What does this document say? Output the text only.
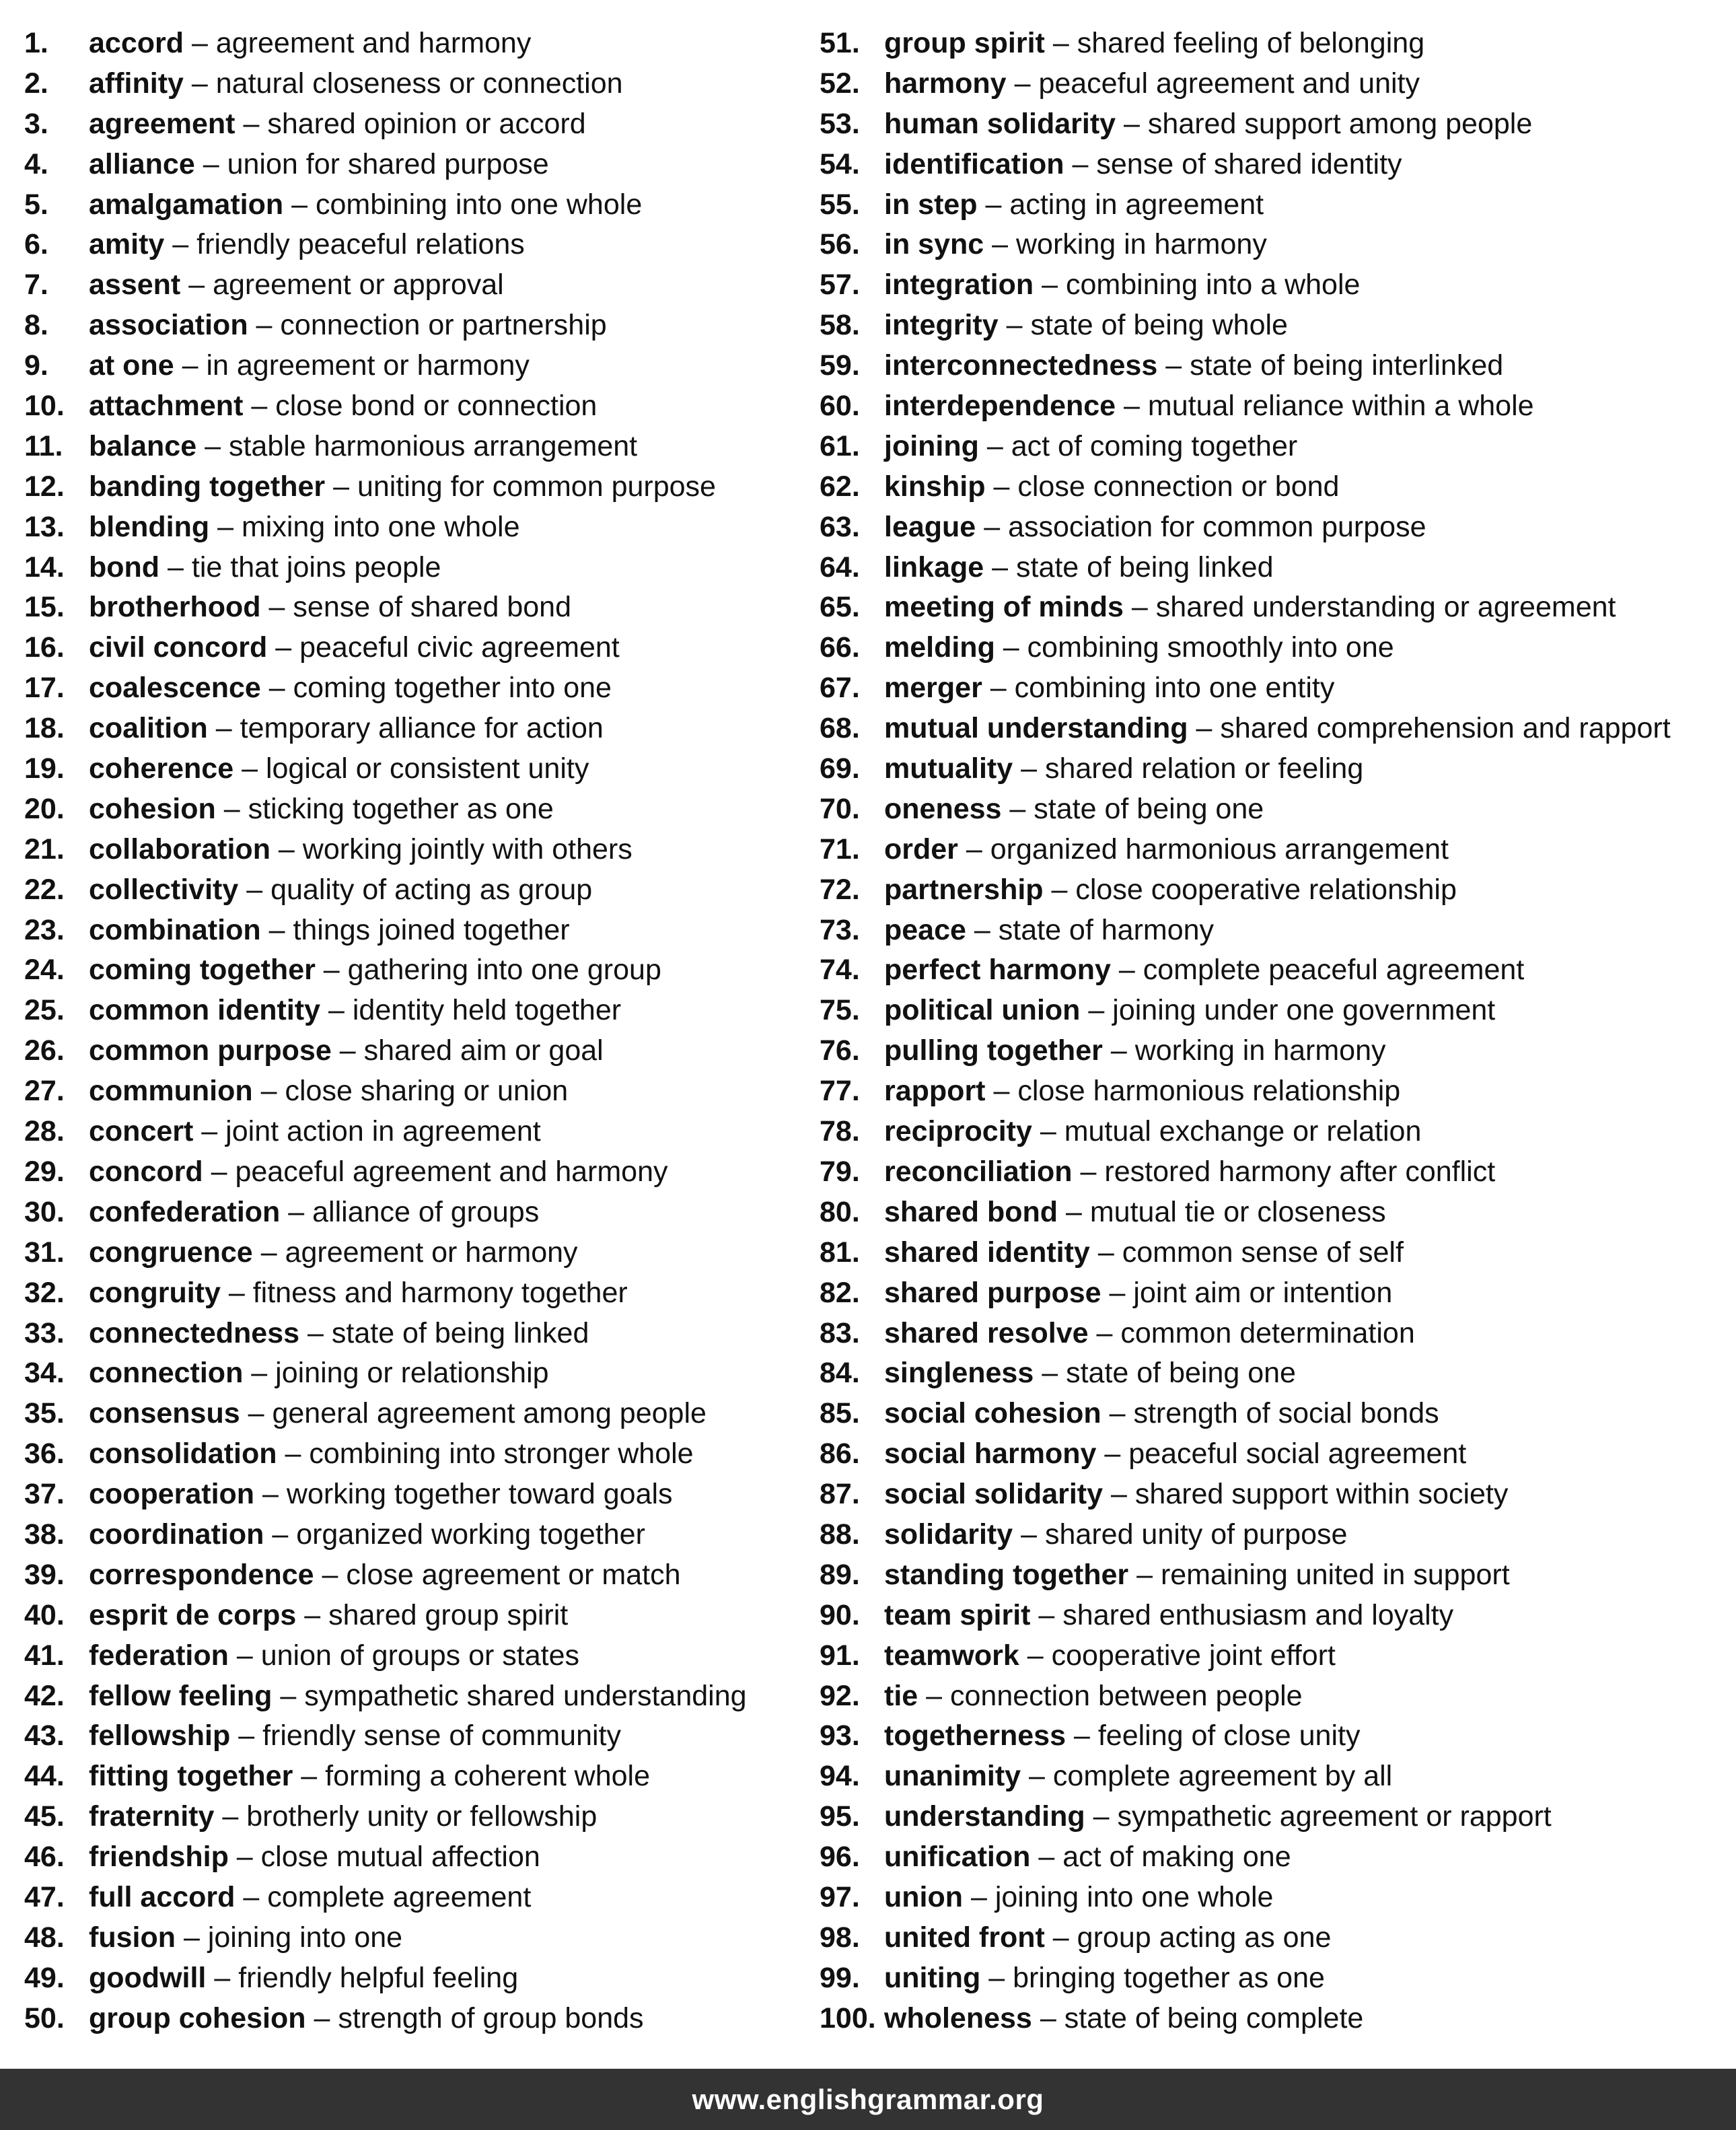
1. accord – agreement and harmony
2. affinity – natural closeness or connection
3. agreement – shared opinion or accord
4. alliance – union for shared purpose
5. amalgamation – combining into one whole
6. amity – friendly peaceful relations
7. assent – agreement or approval
8. association – connection or partnership
9. at one – in agreement or harmony
10. attachment – close bond or connection
11. balance – stable harmonious arrangement
12. banding together – uniting for common purpose
13. blending – mixing into one whole
14. bond – tie that joins people
15. brotherhood – sense of shared bond
16. civil concord – peaceful civic agreement
17. coalescence – coming together into one
18. coalition – temporary alliance for action
19. coherence – logical or consistent unity
20. cohesion – sticking together as one
21. collaboration – working jointly with others
22. collectivity – quality of acting as group
23. combination – things joined together
24. coming together – gathering into one group
25. common identity – identity held together
26. common purpose – shared aim or goal
27. communion – close sharing or union
28. concert – joint action in agreement
29. concord – peaceful agreement and harmony
30. confederation – alliance of groups
31. congruence – agreement or harmony
32. congruity – fitness and harmony together
33. connectedness – state of being linked
34. connection – joining or relationship
35. consensus – general agreement among people
36. consolidation – combining into stronger whole
37. cooperation – working together toward goals
38. coordination – organized working together
39. correspondence – close agreement or match
40. esprit de corps – shared group spirit
41. federation – union of groups or states
42. fellow feeling – sympathetic shared understanding
43. fellowship – friendly sense of community
44. fitting together – forming a coherent whole
45. fraternity – brotherly unity or fellowship
46. friendship – close mutual affection
47. full accord – complete agreement
48. fusion – joining into one
49. goodwill – friendly helpful feeling
50. group cohesion – strength of group bonds
51. group spirit – shared feeling of belonging
52. harmony – peaceful agreement and unity
53. human solidarity – shared support among people
54. identification – sense of shared identity
55. in step – acting in agreement
56. in sync – working in harmony
57. integration – combining into a whole
58. integrity – state of being whole
59. interconnectedness – state of being interlinked
60. interdependence – mutual reliance within a whole
61. joining – act of coming together
62. kinship – close connection or bond
63. league – association for common purpose
64. linkage – state of being linked
65. meeting of minds – shared understanding or agreement
66. melding – combining smoothly into one
67. merger – combining into one entity
68. mutual understanding – shared comprehension and rapport
69. mutuality – shared relation or feeling
70. oneness – state of being one
71. order – organized harmonious arrangement
72. partnership – close cooperative relationship
73. peace – state of harmony
74. perfect harmony – complete peaceful agreement
75. political union – joining under one government
76. pulling together – working in harmony
77. rapport – close harmonious relationship
78. reciprocity – mutual exchange or relation
79. reconciliation – restored harmony after conflict
80. shared bond – mutual tie or closeness
81. shared identity – common sense of self
82. shared purpose – joint aim or intention
83. shared resolve – common determination
84. singleness – state of being one
85. social cohesion – strength of social bonds
86. social harmony – peaceful social agreement
87. social solidarity – shared support within society
88. solidarity – shared unity of purpose
89. standing together – remaining united in support
90. team spirit – shared enthusiasm and loyalty
91. teamwork – cooperative joint effort
92. tie – connection between people
93. togetherness – feeling of close unity
94. unanimity – complete agreement by all
95. understanding – sympathetic agreement or rapport
96. unification – act of making one
97. union – joining into one whole
98. united front – group acting as one
99. uniting – bringing together as one
100. wholeness – state of being complete
www.englishgrammar.org
